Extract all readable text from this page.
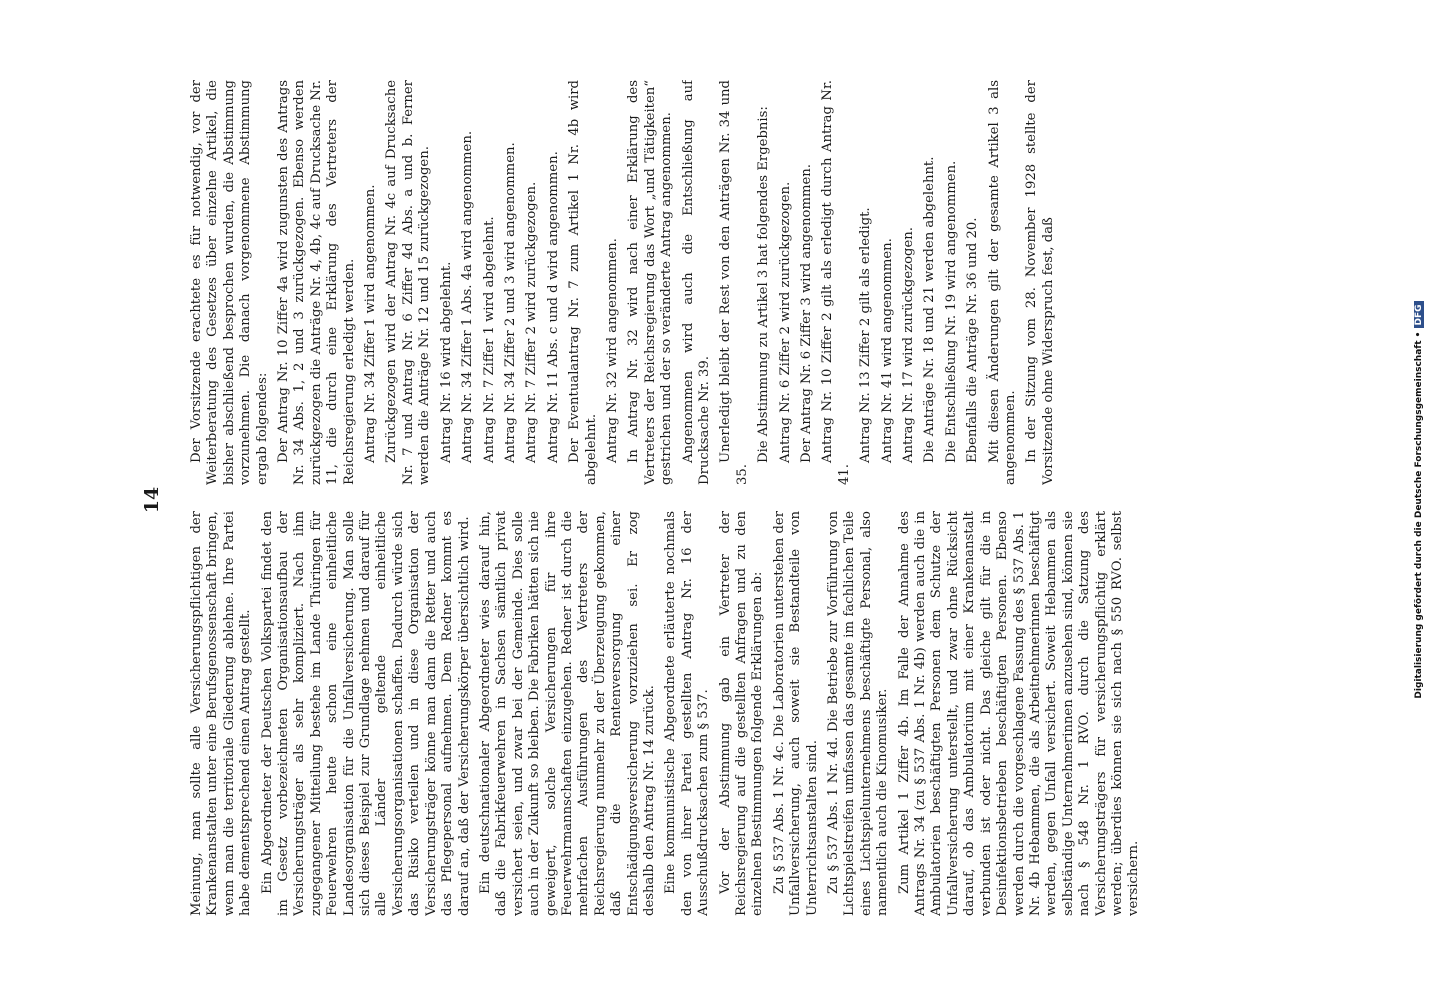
14

Meinung, man sollte alle Versicherungspflichtigen der Krankenanstalten unter eine Berufsgenossenschaft bringen, wenn man die territoriale Gliederung ablehne. Ihre Partei habe dementsprechend einen Antrag gestellt. Ein Abgeordneter der Deutschen Volkspartei findet den im Gesetz vorbezeichneten Organisationsaufbau der Versicherungsträger als sehr kompliziert. Nach ihm zugegangener Mitteilung bestehe im Lande Thüringen für Feuerwehren heute schon eine einheitliche Landesorganisation für die Unfallversicherung. Man solle sich dieses Beispiel zur Grundlage nehmen und darauf für alle Länder geltende einheitliche Versicherungsorganisationen schaffen. Dadurch würde sich das Risiko verteilen und in diese Organisation der Versicherungsträger könne man dann die Retter und auch das Pflegepersonal aufnehmen. Dem Redner kommt es darauf an, daß der Versicherungskörper übersichtlich wird. Ein deutschnationaler Abgeordneter wies darauf hin, daß die Fabrikfeuerwehren in Sachsen sämtlich privat versichert seien, und zwar bei der Gemeinde. Dies solle auch in der Zukunft so bleiben. Die Fabriken hätten sich nie geweigert, solche Versicherungen für ihre Feuerwehrmannschaften einzugehen. Redner ist durch die mehrfachen Ausführungen des Vertreters der Reichsregierung nunmehr zu der Überzeugung gekommen, daß die Rentenversorgung einer Entschädigungsversicherung vorzuziehen sei. Er zog deshalb den Antrag Nr. 14 zurück. Eine kommunistische Abgeordnete erläuterte nochmals den von ihrer Partei gestellten Antrag Nr. 16 der Ausschußdrucksachen zum § 537. Vor der Abstimmung gab ein Vertreter der Reichsregierung auf die gestellten Anfragen und zu den einzelnen Bestimmungen folgende Erklärungen ab: Zu § 537 Abs. 1 Nr. 4c. Die Laboratorien unterstehen der Unfallversicherung, auch soweit sie Bestandteile von Unterrichtsanstalten sind. Zu § 537 Abs. 1 Nr. 4d. Die Betriebe zur Vorführung von Lichtspielstreifen umfassen das gesamte im fachlichen Teile eines Lichtspielunternehmens beschäftigte Personal, also namentlich auch die Kinomusiker. Zum Artikel 1 Ziffer 4b. Im Falle der Annahme des Antrags Nr. 34 (zu § 537 Abs. 1 Nr. 4b) werden auch die in Ambulatorien beschäftigten Personen dem Schutze der Unfallversicherung unterstellt, und zwar ohne Rücksicht darauf, ob das Ambulatorium mit einer Krankenanstalt verbunden ist oder nicht. Das gleiche gilt für die in Desinfektionsbetrieben beschäftigten Personen. Ebenso werden durch die vorgeschlagene Fassung des § 537 Abs. 1 Nr. 4b Hebammen, die als Arbeitnehmerinnen beschäftigt werden, gegen Unfall versichert. Soweit Hebammen als selbständige Unternehmerinnen anzusehen sind, können sie nach § 548 Nr. 1 RVO. durch die Satzung des Versicherungsträgers für versicherungspflichtig erklärt werden; überdies können sie sich nach § 550 RVO. selbst versichern.

Der Vorsitzende erachtete es für notwendig, vor der Weiterberatung des Gesetzes über einzelne Artikel, die bisher abschließend besprochen wurden, die Abstimmung vorzunehmen. Die danach vorgenommene Abstimmung ergab folgendes: Der Antrag Nr. 10 Ziffer 4a wird zugunsten des Antrags Nr. 34 Abs. 1, 2 und 3 zurückgezogen. Ebenso werden zurückgezogen die Anträge Nr. 4, 4b, 4c auf Drucksache Nr. 11, die durch eine Erklärung des Vertreters der Reichsregierung erledigt werden. Antrag Nr. 34 Ziffer 1 wird angenommen. Zurückgezogen wird der Antrag Nr. 4c auf Drucksache Nr. 7 und Antrag Nr. 6 Ziffer 4d Abs. a und b. Ferner werden die Anträge Nr. 12 und 15 zurückgezogen. Antrag Nr. 16 wird abgelehnt. Antrag Nr. 34 Ziffer 1 Abs. 4a wird angenommen. Antrag Nr. 7 Ziffer 1 wird abgelehnt. Antrag Nr. 34 Ziffer 2 und 3 wird angenommen. Antrag Nr. 7 Ziffer 2 wird zurückgezogen. Antrag Nr. 11 Abs. c und d wird angenommen. Der Eventualantrag Nr. 7 zum Artikel 1 Nr. 4b wird abgelehnt. Antrag Nr. 32 wird angenommen. In Antrag Nr. 32 wird nach einer Erklärung des Vertreters der Reichsregierung das Wort „und Tätigkeiten“ gestrichen und der so veränderte Antrag angenommen. Angenommen wird auch die Entschließung auf Drucksache Nr. 39. Unerledigt bleibt der Rest von den Anträgen Nr. 34 und 35.

Die Abstimmung zu Artikel 3 hat folgendes Ergebnis: Antrag Nr. 6 Ziffer 2 wird zurückgezogen. Der Antrag Nr. 6 Ziffer 3 wird angenommen. Antrag Nr. 10 Ziffer 2 gilt als erledigt durch Antrag Nr. 41.

Antrag Nr. 13 Ziffer 2 gilt als erledigt. Antrag Nr. 41 wird angenommen. Antrag Nr. 17 wird zurückgezogen. Die Anträge Nr. 18 und 21 werden abgelehnt. Die Entschließung Nr. 19 wird angenommen. Ebenfalls die Anträge Nr. 36 und 20. Mit diesen Änderungen gilt der gesamte Artikel 3 als angenommen. In der Sitzung vom 28. November 1928 stellte der Vorsitzende ohne Widerspruch fest, daß	Digitalisierung gefördert durch die Deutsche Forschungsgemeinschaft • DFG
